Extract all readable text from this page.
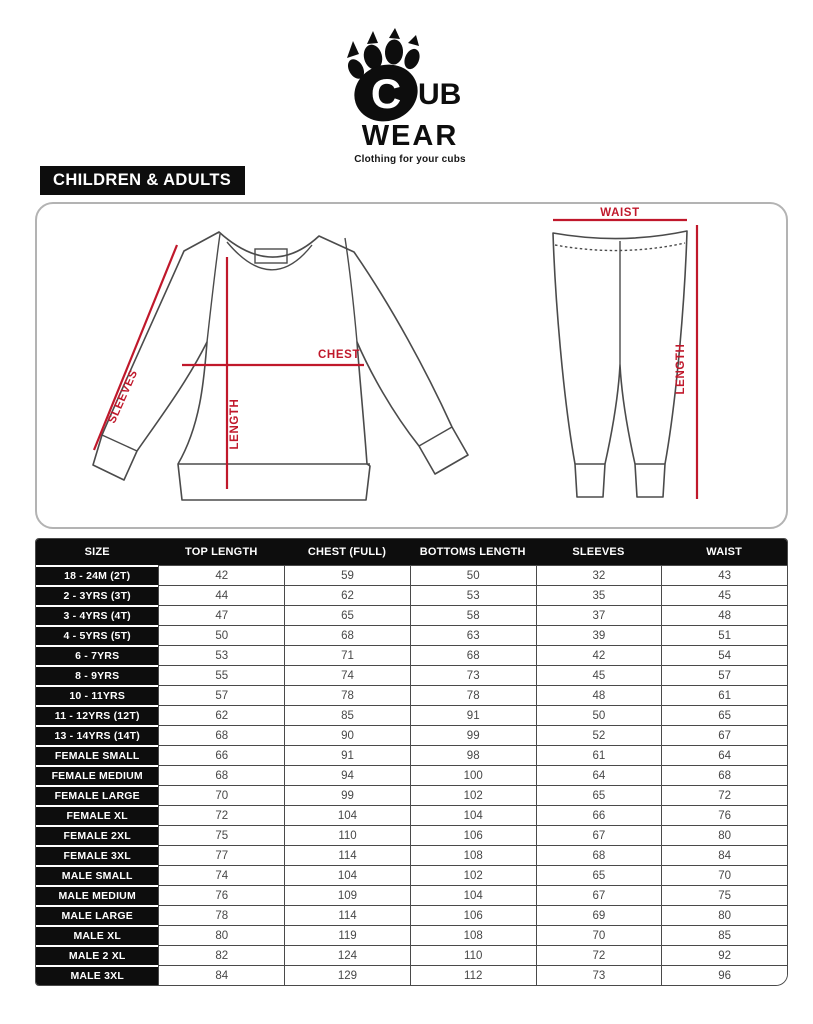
C UB
WEAR
Clothing for your cubs
CHILDREN & ADULTS
SLEEVES
CHEST
LENGTH
WAIST
LENGTH
SIZE	TOP LENGTH	CHEST (FULL)	BOTTOMS LENGTH	SLEEVES	WAIST
18 - 24M (2T)	42	59	50	32	43
2 - 3YRS (3T)	44	62	53	35	45
3 - 4YRS (4T)	47	65	58	37	48
4 - 5YRS (5T)	50	68	63	39	51
6 - 7YRS	53	71	68	42	54
8 - 9YRS	55	74	73	45	57
10 - 11YRS	57	78	78	48	61
11 - 12YRS (12T)	62	85	91	50	65
13 - 14YRS (14T)	68	90	99	52	67
FEMALE SMALL	66	91	98	61	64
FEMALE MEDIUM	68	94	100	64	68
FEMALE LARGE	70	99	102	65	72
FEMALE XL	72	104	104	66	76
FEMALE 2XL	75	110	106	67	80
FEMALE 3XL	77	114	108	68	84
MALE SMALL	74	104	102	65	70
MALE MEDIUM	76	109	104	67	75
MALE LARGE	78	114	106	69	80
MALE XL	80	119	108	70	85
MALE 2 XL	82	124	110	72	92
MALE 3XL	84	129	112	73	96
